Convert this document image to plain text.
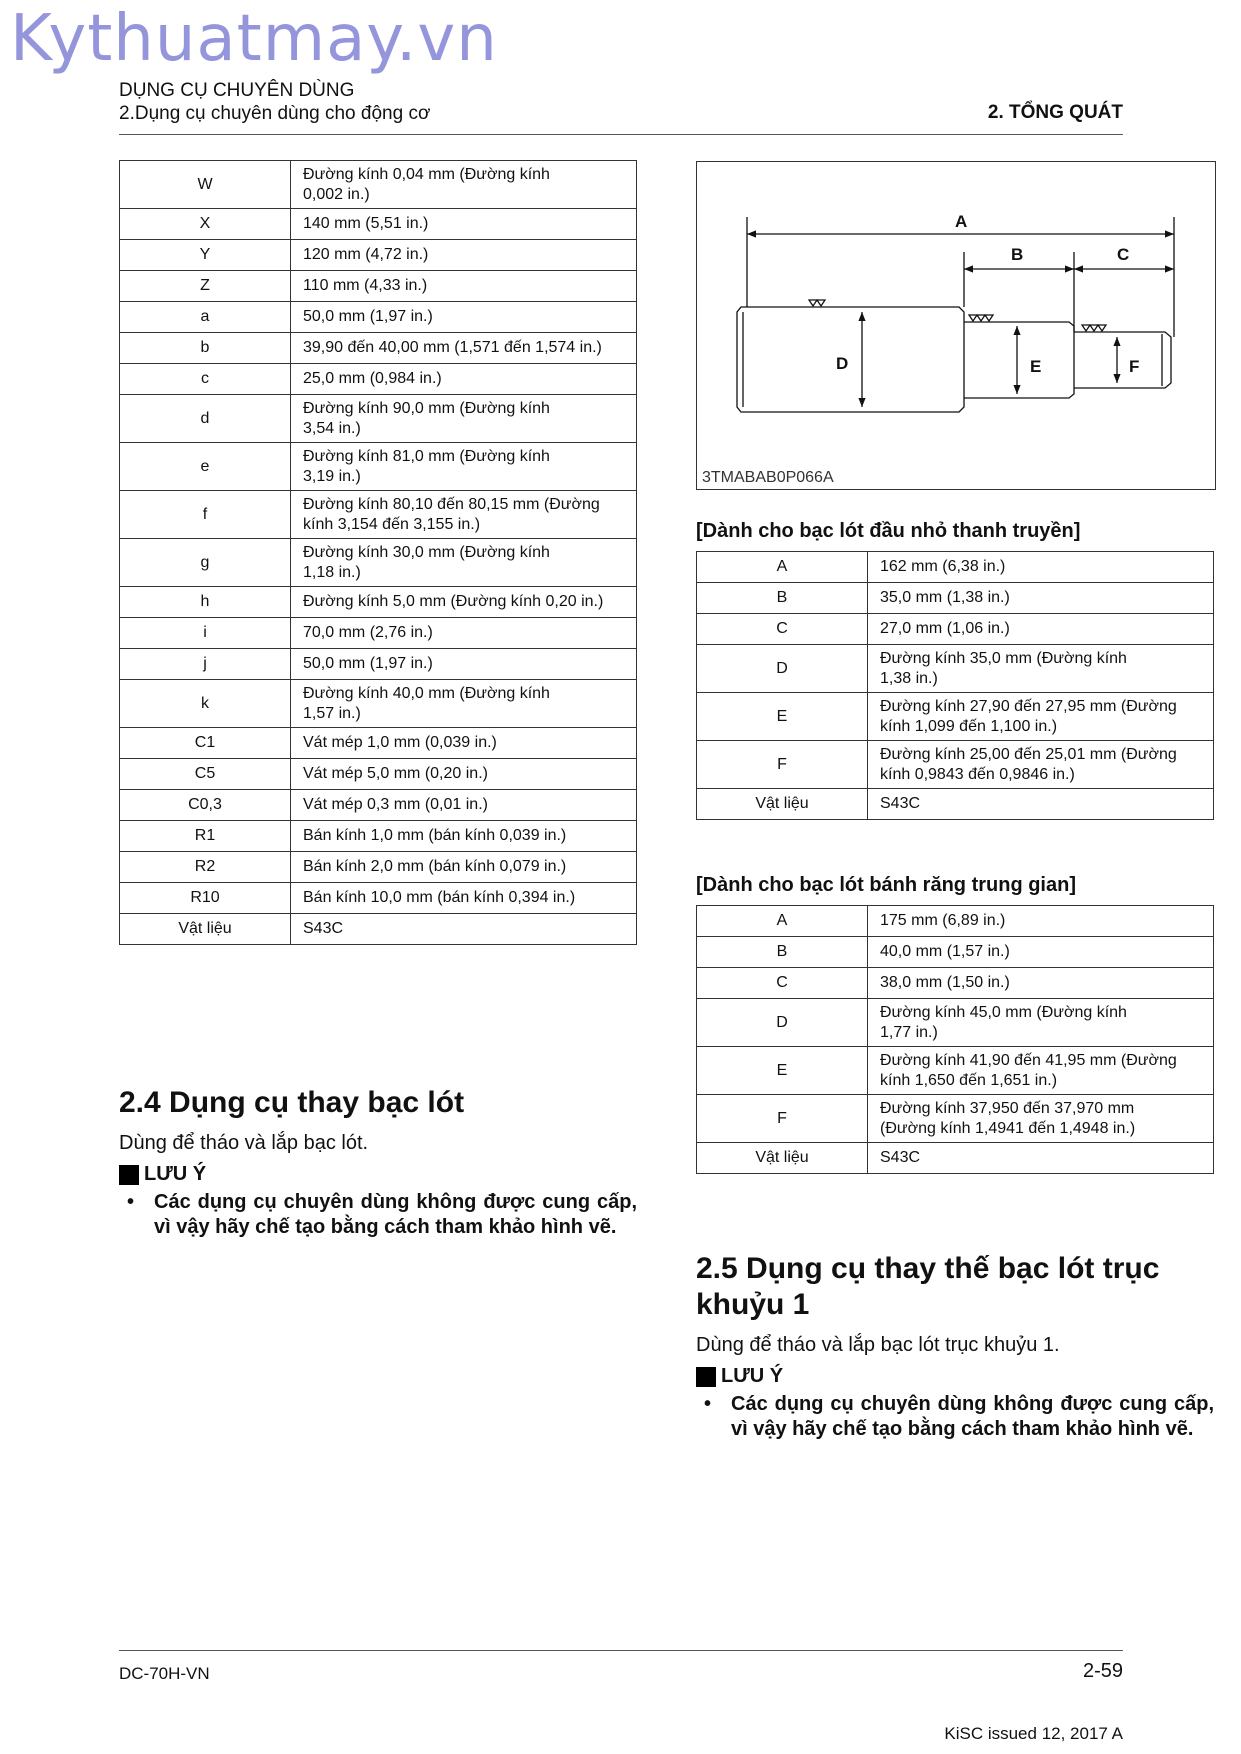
Kythuatmay.vn
DỤNG CỤ CHUYÊN DÙNG
2.Dụng cụ chuyên dùng cho động cơ	2. TỔNG QUÁT
W	Đường kính 0,04 mm (Đường kính
0,002 in.)
X	140 mm (5,51 in.)
Y	120 mm (4,72 in.)
Z	110 mm (4,33 in.)
a	50,0 mm (1,97 in.)
b	39,90 đến 40,00 mm (1,571 đến 1,574 in.)
c	25,0 mm (0,984 in.)
d	Đường kính 90,0 mm (Đường kính
3,54 in.)
e	Đường kính 81,0 mm (Đường kính
3,19 in.)
f	Đường kính 80,10 đến 80,15 mm (Đường
kính 3,154 đến 3,155 in.)
g	Đường kính 30,0 mm (Đường kính
1,18 in.)
h	Đường kính 5,0 mm (Đường kính 0,20 in.)
i	70,0 mm (2,76 in.)
j	50,0 mm (1,97 in.)
k	Đường kính 40,0 mm (Đường kính
1,57 in.)
C1	Vát mép 1,0 mm (0,039 in.)
C5	Vát mép 5,0 mm (0,20 in.)
C0,3	Vát mép 0,3 mm (0,01 in.)
R1	Bán kính 1,0 mm (bán kính 0,039 in.)
R2	Bán kính 2,0 mm (bán kính 0,079 in.)
R10	Bán kính 10,0 mm (bán kính 0,394 in.)
Vật liệu	S43C
2.4 Dụng cụ thay bạc lót
Dùng để tháo và lắp bạc lót.
LƯU Ý
• Các dụng cụ chuyên dùng không được cung cấp, vì vậy hãy chế tạo bằng cách tham khảo hình vẽ.
A
B	C
D	E	F
3TMABAB0P066A
[Dành cho bạc lót đầu nhỏ thanh truyền]
A	162 mm (6,38 in.)
B	35,0 mm (1,38 in.)
C	27,0 mm (1,06 in.)
D	Đường kính 35,0 mm (Đường kính
1,38 in.)
E	Đường kính 27,90 đến 27,95 mm (Đường
kính 1,099 đến 1,100 in.)
F	Đường kính 25,00 đến 25,01 mm (Đường
kính 0,9843 đến 0,9846 in.)
Vật liệu	S43C
[Dành cho bạc lót bánh răng trung gian]
A	175 mm (6,89 in.)
B	40,0 mm (1,57 in.)
C	38,0 mm (1,50 in.)
D	Đường kính 45,0 mm (Đường kính
1,77 in.)
E	Đường kính 41,90 đến 41,95 mm (Đường
kính 1,650 đến 1,651 in.)
F	Đường kính 37,950 đến 37,970 mm
(Đường kính 1,4941 đến 1,4948 in.)
Vật liệu	S43C
2.5 Dụng cụ thay thế bạc lót trục khuỷu 1
Dùng để tháo và lắp bạc lót trục khuỷu 1.
LƯU Ý
• Các dụng cụ chuyên dùng không được cung cấp, vì vậy hãy chế tạo bằng cách tham khảo hình vẽ.
DC-70H-VN	2-59
KiSC issued 12, 2017 A
